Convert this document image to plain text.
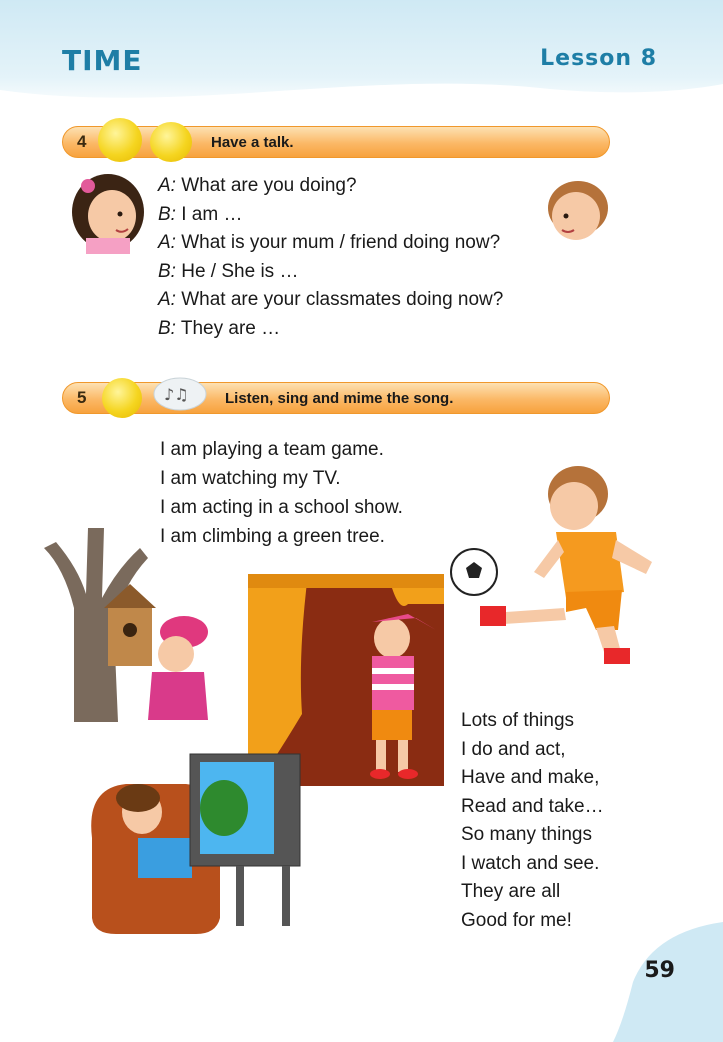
TIME	Lesson 8
4	Have a talk.
A: What are you doing?
B: I am …
A: What is your mum / friend doing now?
B: He / She is …
A: What are your classmates doing now?
B: They are …
5	Listen, sing and mime the song.
♪♫
I am playing a team game.
I am watching my TV.
I am acting in a school show.
I am climbing a green tree.
Lots of things
I do and act,
Have and make,
Read and take…
So many things
I watch and see.
They are all
Good for me!
59
